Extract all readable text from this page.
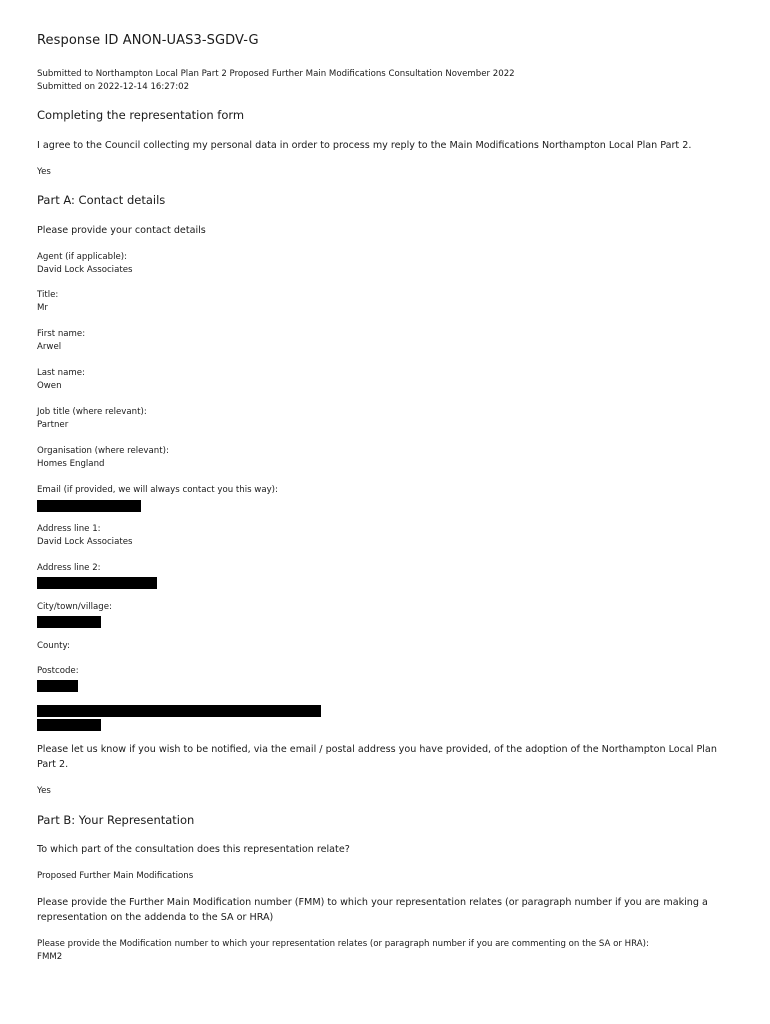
Response ID ANON-UAS3-SGDV-G
Submitted to Northampton Local Plan Part 2 Proposed Further Main Modifications Consultation November 2022
Submitted on 2022-12-14 16:27:02
Completing the representation form
I agree to the Council collecting my personal data in order to process my reply to the Main Modifications Northampton Local Plan Part 2.
Yes
Part A: Contact details
Please provide your contact details
Agent (if applicable):
David Lock Associates
Title:
Mr
First name:
Arwel
Last name:
Owen
Job title (where relevant):
Partner
Organisation (where relevant):
Homes England
Email (if provided, we will always contact you this way):
Address line 1:
David Lock Associates
Address line 2:
City/town/village:
County:
Postcode:
Please let us know if you wish to be notified, via the email / postal address you have provided, of the adoption of the Northampton Local Plan Part 2.
Yes
Part B: Your Representation
To which part of the consultation does this representation relate?
Proposed Further Main Modifications
Please provide the Further Main Modification number (FMM) to which your representation relates (or paragraph number if you are making a representation on the addenda to the SA or HRA)
Please provide the Modification number to which your representation relates (or paragraph number if you are commenting on the SA or HRA):
FMM2
